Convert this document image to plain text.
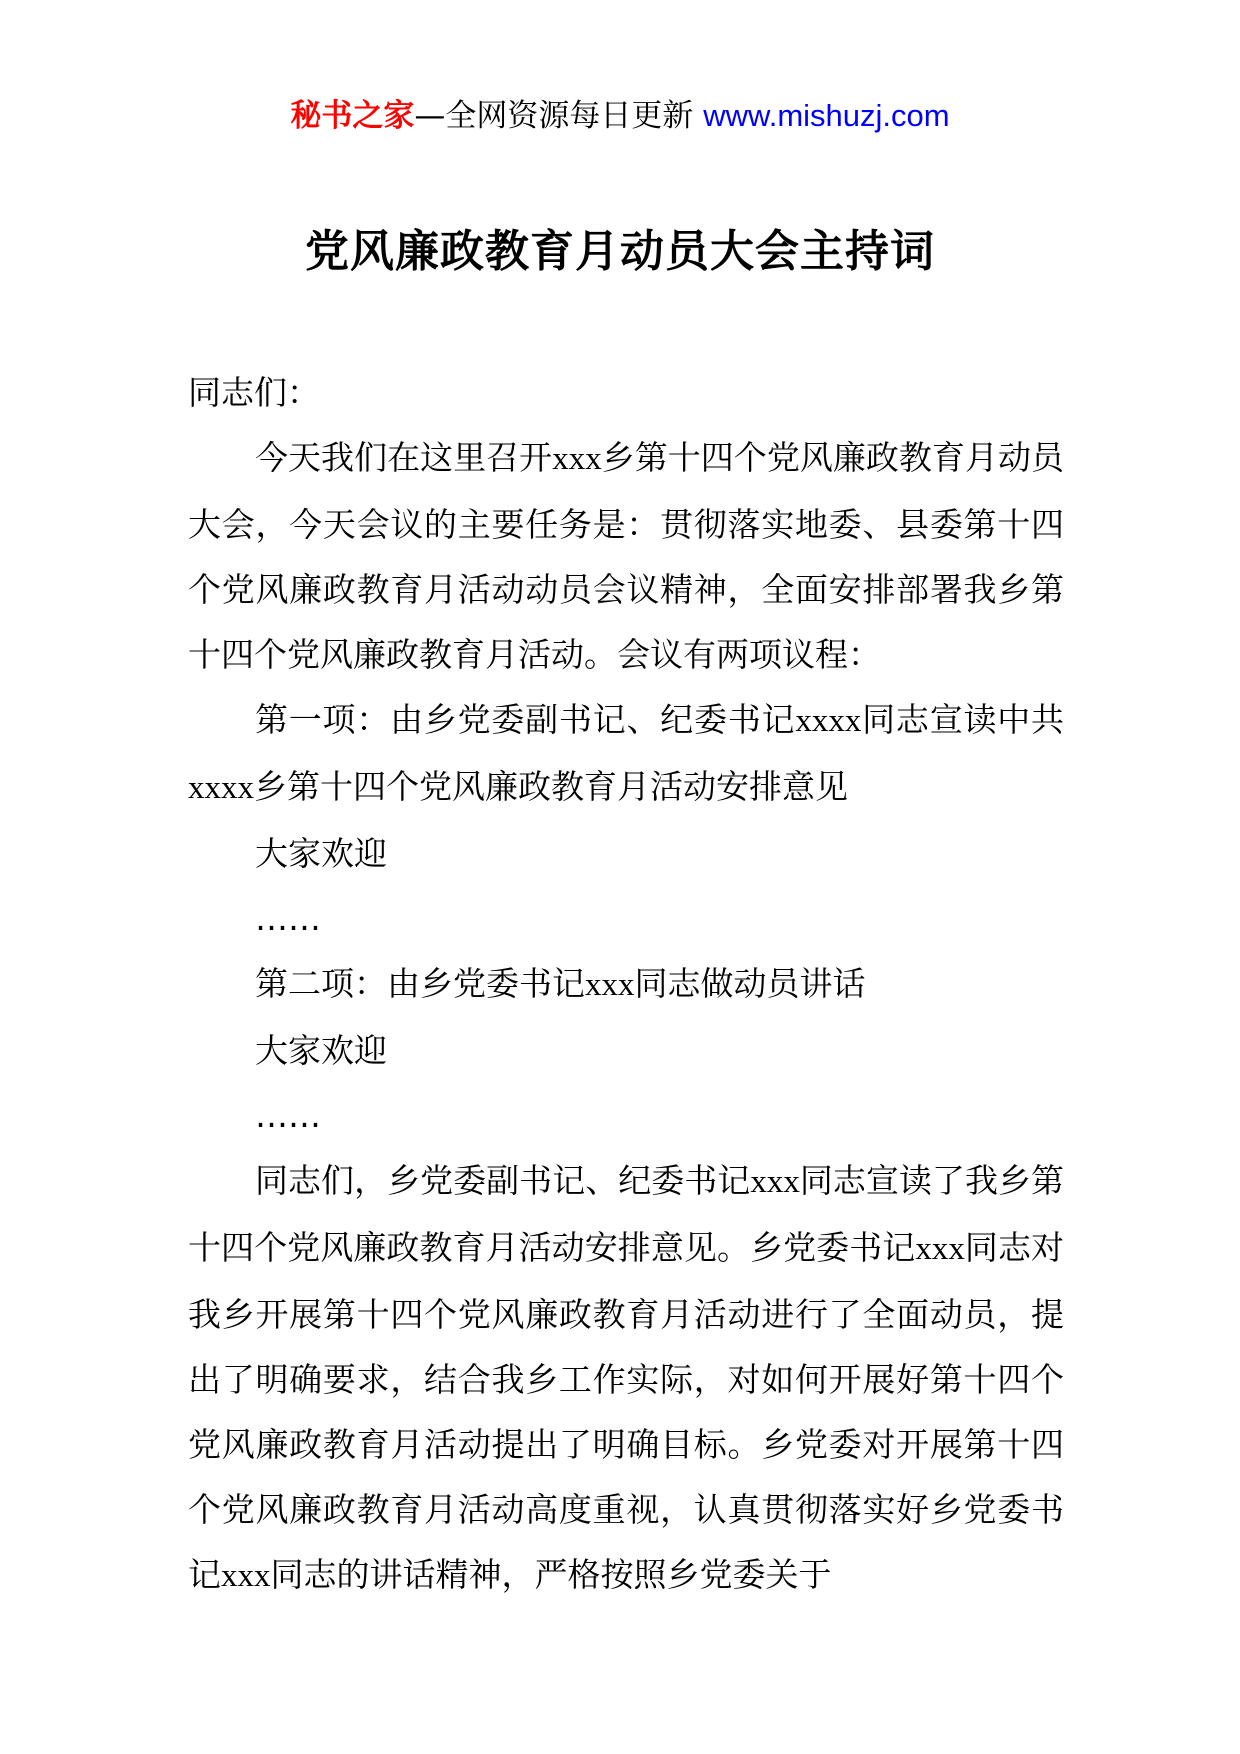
秘书之家—全网资源每日更新 www.mishuzj.com
党风廉政教育月动员大会主持词

同志们：

今天我们在这里召开xxx乡第十四个党风廉政教育月动员大会，今天会议的主要任务是：贯彻落实地委、县委第十四个党风廉政教育月活动动员会议精神，全面安排部署我乡第十四个党风廉政教育月活动。会议有两项议程：

第一项：由乡党委副书记、纪委书记xxxx同志宣读中共xxxx乡第十四个党风廉政教育月活动安排意见

大家欢迎

……

第二项：由乡党委书记xxx同志做动员讲话

大家欢迎

……

同志们，乡党委副书记、纪委书记xxx同志宣读了我乡第十四个党风廉政教育月活动安排意见。乡党委书记xxx同志对我乡开展第十四个党风廉政教育月活动进行了全面动员，提出了明确要求，结合我乡工作实际，对如何开展好第十四个党风廉政教育月活动提出了明确目标。乡党委对开展第十四个党风廉政教育月活动高度重视，认真贯彻落实好乡党委书记xxx同志的讲话精神，严格按照乡党委关于
